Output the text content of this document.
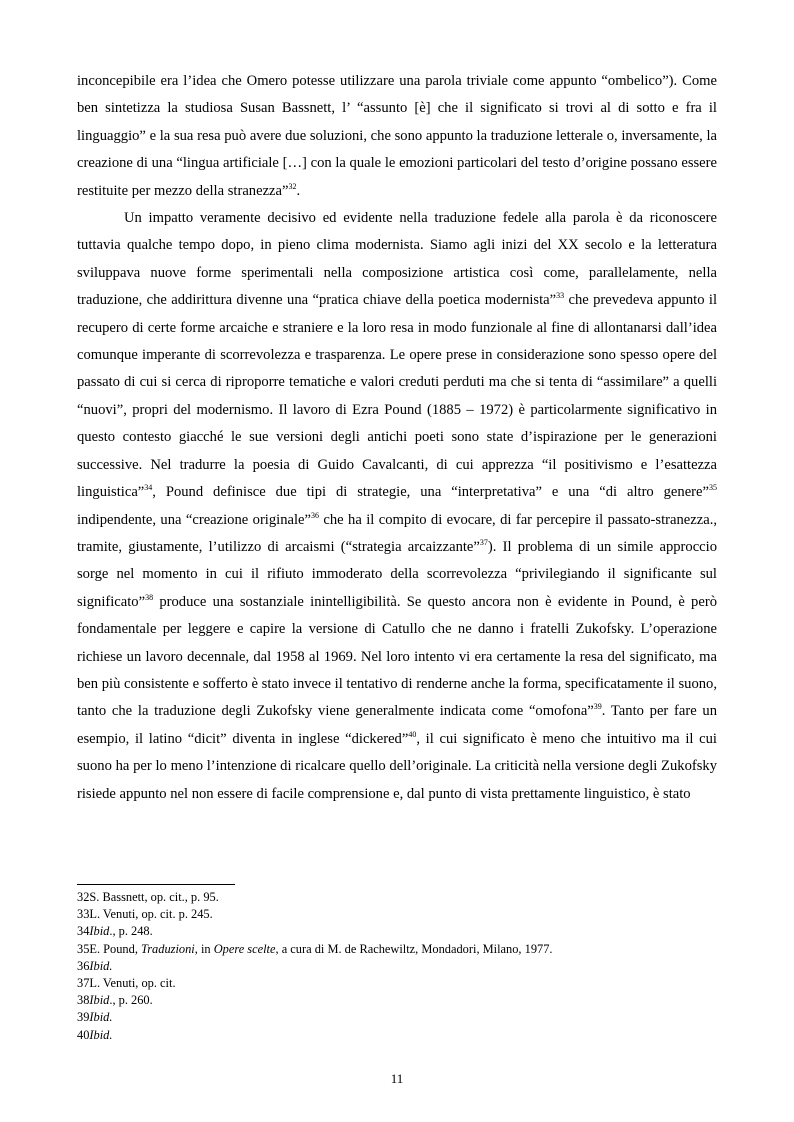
inconcepibile era l’idea che Omero potesse utilizzare una parola triviale come appunto “ombelico”). Come ben sintetizza la studiosa Susan Bassnett, l’ “assunto [è] che il significato si trovi al di sotto e fra il linguaggio” e la sua resa può avere due soluzioni, che sono appunto la traduzione letterale o, inversamente, la creazione di una “lingua artificiale […] con la quale le emozioni particolari del testo d’origine possano essere restituite per mezzo della stranezza”$^{32}$.

Un impatto veramente decisivo ed evidente nella traduzione fedele alla parola è da riconoscere tuttavia qualche tempo dopo, in pieno clima modernista. Siamo agli inizi del XX secolo e la letteratura sviluppava nuove forme sperimentali nella composizione artistica così come, parallelamente, nella traduzione, che addirittura divenne una “pratica chiave della poetica modernista”$^{33}$ che prevedeva appunto il recupero di certe forme arcaiche e straniere e la loro resa in modo funzionale al fine di allontanarsi dall’idea comunque imperante di scorrevolezza e trasparenza. Le opere prese in considerazione sono spesso opere del passato di cui si cerca di riproporre tematiche e valori creduti perduti ma che si tenta di “assimilare” a quelli “nuovi”, propri del modernismo. Il lavoro di Ezra Pound (1885 – 1972) è particolarmente significativo in questo contesto giacché le sue versioni degli antichi poeti sono state d’ispirazione per le generazioni successive. Nel tradurre la poesia di Guido Cavalcanti, di cui apprezza “il positivismo e l’esattezza linguistica”$^{34}$, Pound definisce due tipi di strategie, una “interpretativa” e una “di altro genere”$^{35}$ indipendente, una “creazione originale”$^{36}$ che ha il compito di evocare, di far percepire il passato-stranezza., tramite, giustamente, l’utilizzo di arcaismi (“strategia arcaizzante”$^{37}$). Il problema di un simile approccio sorge nel momento in cui il rifiuto immoderato della scorrevolezza “privilegiando il significante sul significato”$^{38}$ produce una sostanziale inintelligibilità. Se questo ancora non è evidente in Pound, è però fondamentale per leggere e capire la versione di Catullo che ne danno i fratelli Zukofsky. L’operazione richiese un lavoro decennale, dal 1958 al 1969. Nel loro intento vi era certamente la resa del significato, ma ben più consistente e sofferto è stato invece il tentativo di renderne anche la forma, specificatamente il suono, tanto che la traduzione degli Zukofsky viene generalmente indicata come “omofona”$^{39}$. Tanto per fare un esempio, il latino “dicit” diventa in inglese “dickered”$^{40}$, il cui significato è meno che intuitivo ma il cui suono ha per lo meno l’intenzione di ricalcare quello dell’originale. La criticità nella versione degli Zukofsky risiede appunto nel non essere di facile comprensione e, dal punto di vista prettamente linguistico, è stato

32S. Bassnett, op. cit., p. 95.
33L. Venuti, op. cit. p. 245.
34Ibid., p. 248.
35E. Pound, Traduzioni, in Opere scelte, a cura di M. de Rachewiltz, Mondadori, Milano, 1977.
36Ibid.
37L. Venuti, op. cit.
38Ibid., p. 260.
39Ibid.
40Ibid.
11
